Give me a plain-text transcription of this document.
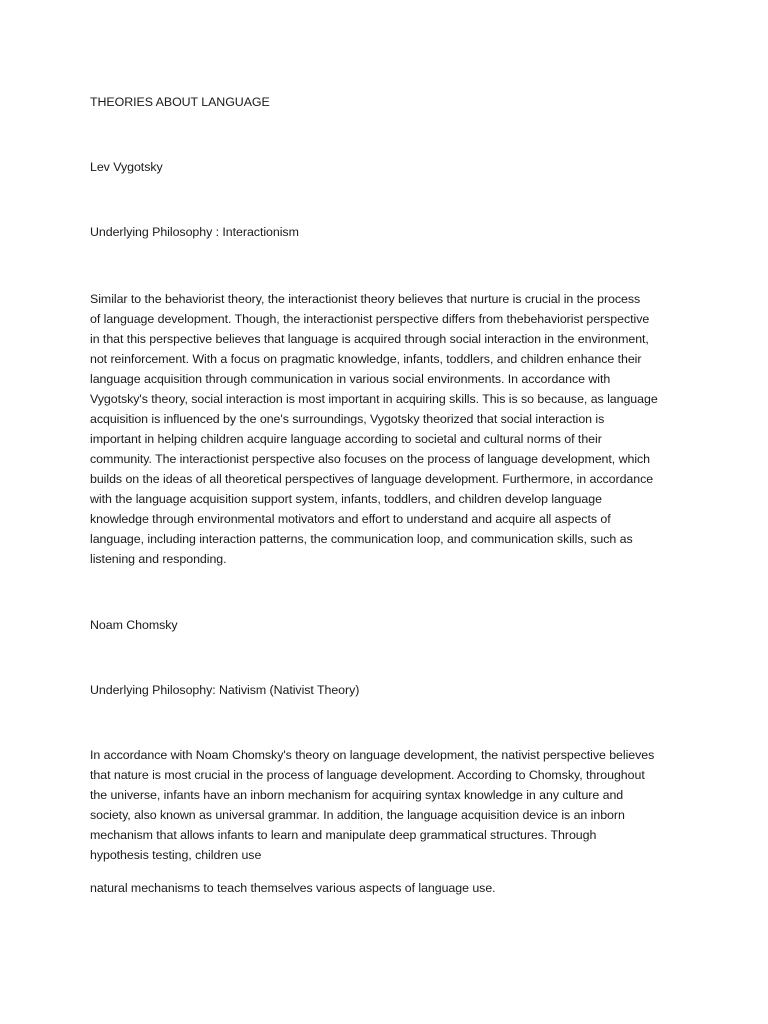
THEORIES ABOUT LANGUAGE

Lev Vygotsky

Underlying Philosophy : Interactionism

Similar to the behaviorist theory, the interactionist theory believes that nurture is crucial in the process
of language development. Though, the interactionist perspective differs from thebehaviorist perspective
in that this perspective believes that language is acquired through social interaction in the environment,
not reinforcement. With a focus on pragmatic knowledge, infants, toddlers, and children enhance their
language acquisition through communication in various social environments. In accordance with
Vygotsky's theory, social interaction is most important in acquiring skills. This is so because, as language
acquisition is influenced by the one's surroundings, Vygotsky theorized that social interaction is
important in helping children acquire language according to societal and cultural norms of their
community. The interactionist perspective also focuses on the process of language development, which
builds on the ideas of all theoretical perspectives of language development. Furthermore, in accordance
with the language acquisition support system, infants, toddlers, and children develop language
knowledge through environmental motivators and effort to understand and acquire all aspects of
language, including interaction patterns, the communication loop, and communication skills, such as
listening and responding.

Noam Chomsky

Underlying Philosophy: Nativism (Nativist Theory)

In accordance with Noam Chomsky's theory on language development, the nativist perspective believes
that nature is most crucial in the process of language development. According to Chomsky, throughout
the universe, infants have an inborn mechanism for acquiring syntax knowledge in any culture and
society, also known as universal grammar. In addition, the language acquisition device is an inborn
mechanism that allows infants to learn and manipulate deep grammatical structures. Through
hypothesis testing, children use

natural mechanisms to teach themselves various aspects of language use.
